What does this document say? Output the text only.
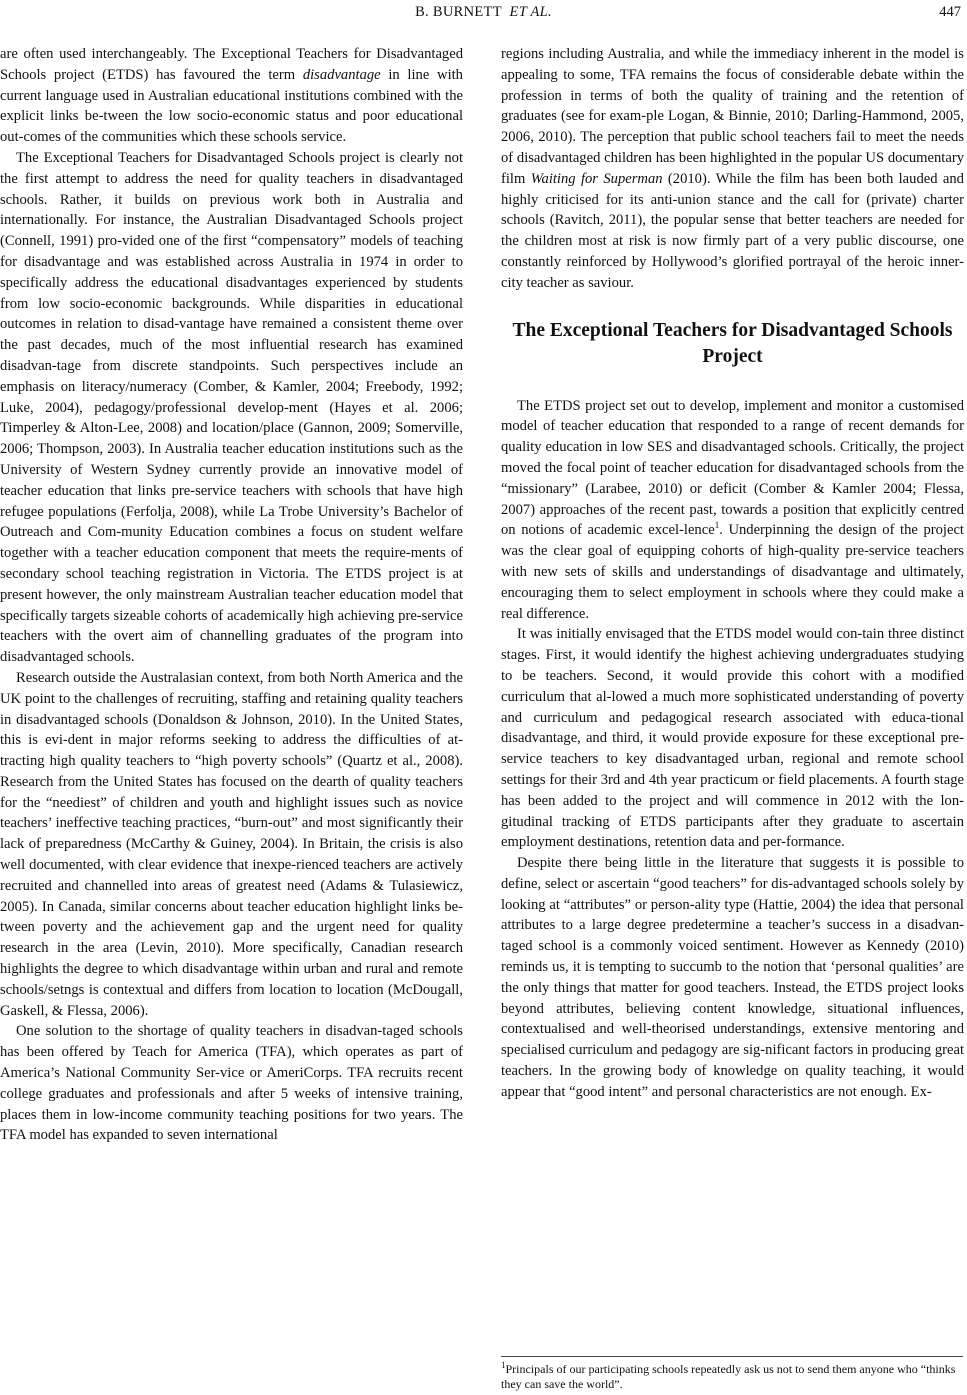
B. BURNETT ET AL.	447

are often used interchangeably. The Exceptional Teachers for Disadvantaged Schools project (ETDS) has favoured the term disadvantage in line with current language used in Australian educational institutions combined with the explicit links be-tween the low socio-economic status and poor educational out-comes of the communities which these schools service.

The Exceptional Teachers for Disadvantaged Schools project is clearly not the first attempt to address the need for quality teachers in disadvantaged schools. Rather, it builds on previous work both in Australia and internationally. For instance, the Australian Disadvantaged Schools project (Connell, 1991) pro-vided one of the first “compensatory” models of teaching for disadvantage and was established across Australia in 1974 in order to specifically address the educational disadvantages experienced by students from low socio-economic backgrounds. While disparities in educational outcomes in relation to disad-vantage have remained a consistent theme over the past decades, much of the most influential research has examined disadvan-tage from discrete standpoints. Such perspectives include an emphasis on literacy/numeracy (Comber, & Kamler, 2004; Freebody, 1992; Luke, 2004), pedagogy/professional develop-ment (Hayes et al. 2006; Timperley & Alton-Lee, 2008) and location/place (Gannon, 2009; Somerville, 2006; Thompson, 2003). In Australia teacher education institutions such as the University of Western Sydney currently provide an innovative model of teacher education that links pre-service teachers with schools that have high refugee populations (Ferfolja, 2008), while La Trobe University’s Bachelor of Outreach and Com-munity Education combines a focus on student welfare together with a teacher education component that meets the require-ments of secondary school teaching registration in Victoria. The ETDS project is at present however, the only mainstream Australian teacher education model that specifically targets sizeable cohorts of academically high achieving pre-service teachers with the overt aim of channelling graduates of the program into disadvantaged schools.

Research outside the Australasian context, from both North America and the UK point to the challenges of recruiting, staffing and retaining quality teachers in disadvantaged schools (Donaldson & Johnson, 2010). In the United States, this is evi-dent in major reforms seeking to address the difficulties of at-tracting high quality teachers to “high poverty schools” (Quartz et al., 2008). Research from the United States has focused on the dearth of quality teachers for the “neediest” of children and youth and highlight issues such as novice teachers’ ineffective teaching practices, “burn-out” and most significantly their lack of preparedness (McCarthy & Guiney, 2004). In Britain, the crisis is also well documented, with clear evidence that inexpe-rienced teachers are actively recruited and channelled into areas of greatest need (Adams & Tulasiewicz, 2005). In Canada, similar concerns about teacher education highlight links be-tween poverty and the achievement gap and the urgent need for quality research in the area (Levin, 2010). More specifically, Canadian research highlights the degree to which disadvantage within urban and rural and remote schools/setngs is contextual and differs from location to location (McDougall, Gaskell, & Flessa, 2006).

One solution to the shortage of quality teachers in disadvan-taged schools has been offered by Teach for America (TFA), which operates as part of America’s National Community Ser-vice or AmeriCorps. TFA recruits recent college graduates and professionals and after 5 weeks of intensive training, places them in low-income community teaching positions for two years. The TFA model has expanded to seven international

regions including Australia, and while the immediacy inherent in the model is appealing to some, TFA remains the focus of considerable debate within the profession in terms of both the quality of training and the retention of graduates (see for exam-ple Logan, & Binnie, 2010; Darling-Hammond, 2005, 2006, 2010). The perception that public school teachers fail to meet the needs of disadvantaged children has been highlighted in the popular US documentary film Waiting for Superman (2010). While the film has been both lauded and highly criticised for its anti-union stance and the call for (private) charter schools (Ravitch, 2011), the popular sense that better teachers are needed for the children most at risk is now firmly part of a very public discourse, one constantly reinforced by Hollywood’s glorified portrayal of the heroic inner-city teacher as saviour.

The Exceptional Teachers for Disadvantaged Schools Project

The ETDS project set out to develop, implement and monitor a customised model of teacher education that responded to a range of recent demands for quality education in low SES and disadvantaged schools. Critically, the project moved the focal point of teacher education for disadvantaged schools from the “missionary” (Larabee, 2010) or deficit (Comber & Kamler 2004; Flessa, 2007) approaches of the recent past, towards a position that explicitly centred on notions of academic excel-lence$^1$. Underpinning the design of the project was the clear goal of equipping cohorts of high-quality pre-service teachers with new sets of skills and understandings of disadvantage and ultimately, encouraging them to select employment in schools where they could make a real difference.

It was initially envisaged that the ETDS model would con-tain three distinct stages. First, it would identify the highest achieving undergraduates studying to be teachers. Second, it would provide this cohort with a modified curriculum that al-lowed a much more sophisticated understanding of poverty and curriculum and pedagogical research associated with educa-tional disadvantage, and third, it would provide exposure for these exceptional pre-service teachers to key disadvantaged urban, regional and remote school settings for their 3rd and 4th year practicum or field placements. A fourth stage has been added to the project and will commence in 2012 with the lon-gitudinal tracking of ETDS participants after they graduate to ascertain employment destinations, retention data and per-formance.

Despite there being little in the literature that suggests it is possible to define, select or ascertain “good teachers” for dis-advantaged schools solely by looking at “attributes” or person-ality type (Hattie, 2004) the idea that personal attributes to a large degree predetermine a teacher’s success in a disadvan-taged school is a commonly voiced sentiment. However as Kennedy (2010) reminds us, it is tempting to succumb to the notion that ‘personal qualities’ are the only things that matter for good teachers. Instead, the ETDS project looks beyond attributes, believing content knowledge, situational influences, contextualised and well-theorised understandings, extensive mentoring and specialised curriculum and pedagogy are sig-nificant factors in producing great teachers. In the growing body of knowledge on quality teaching, it would appear that “good intent” and personal characteristics are not enough. Ex-

$^1$Principals of our participating schools repeatedly ask us not to send them anyone who “thinks they can save the world”.
